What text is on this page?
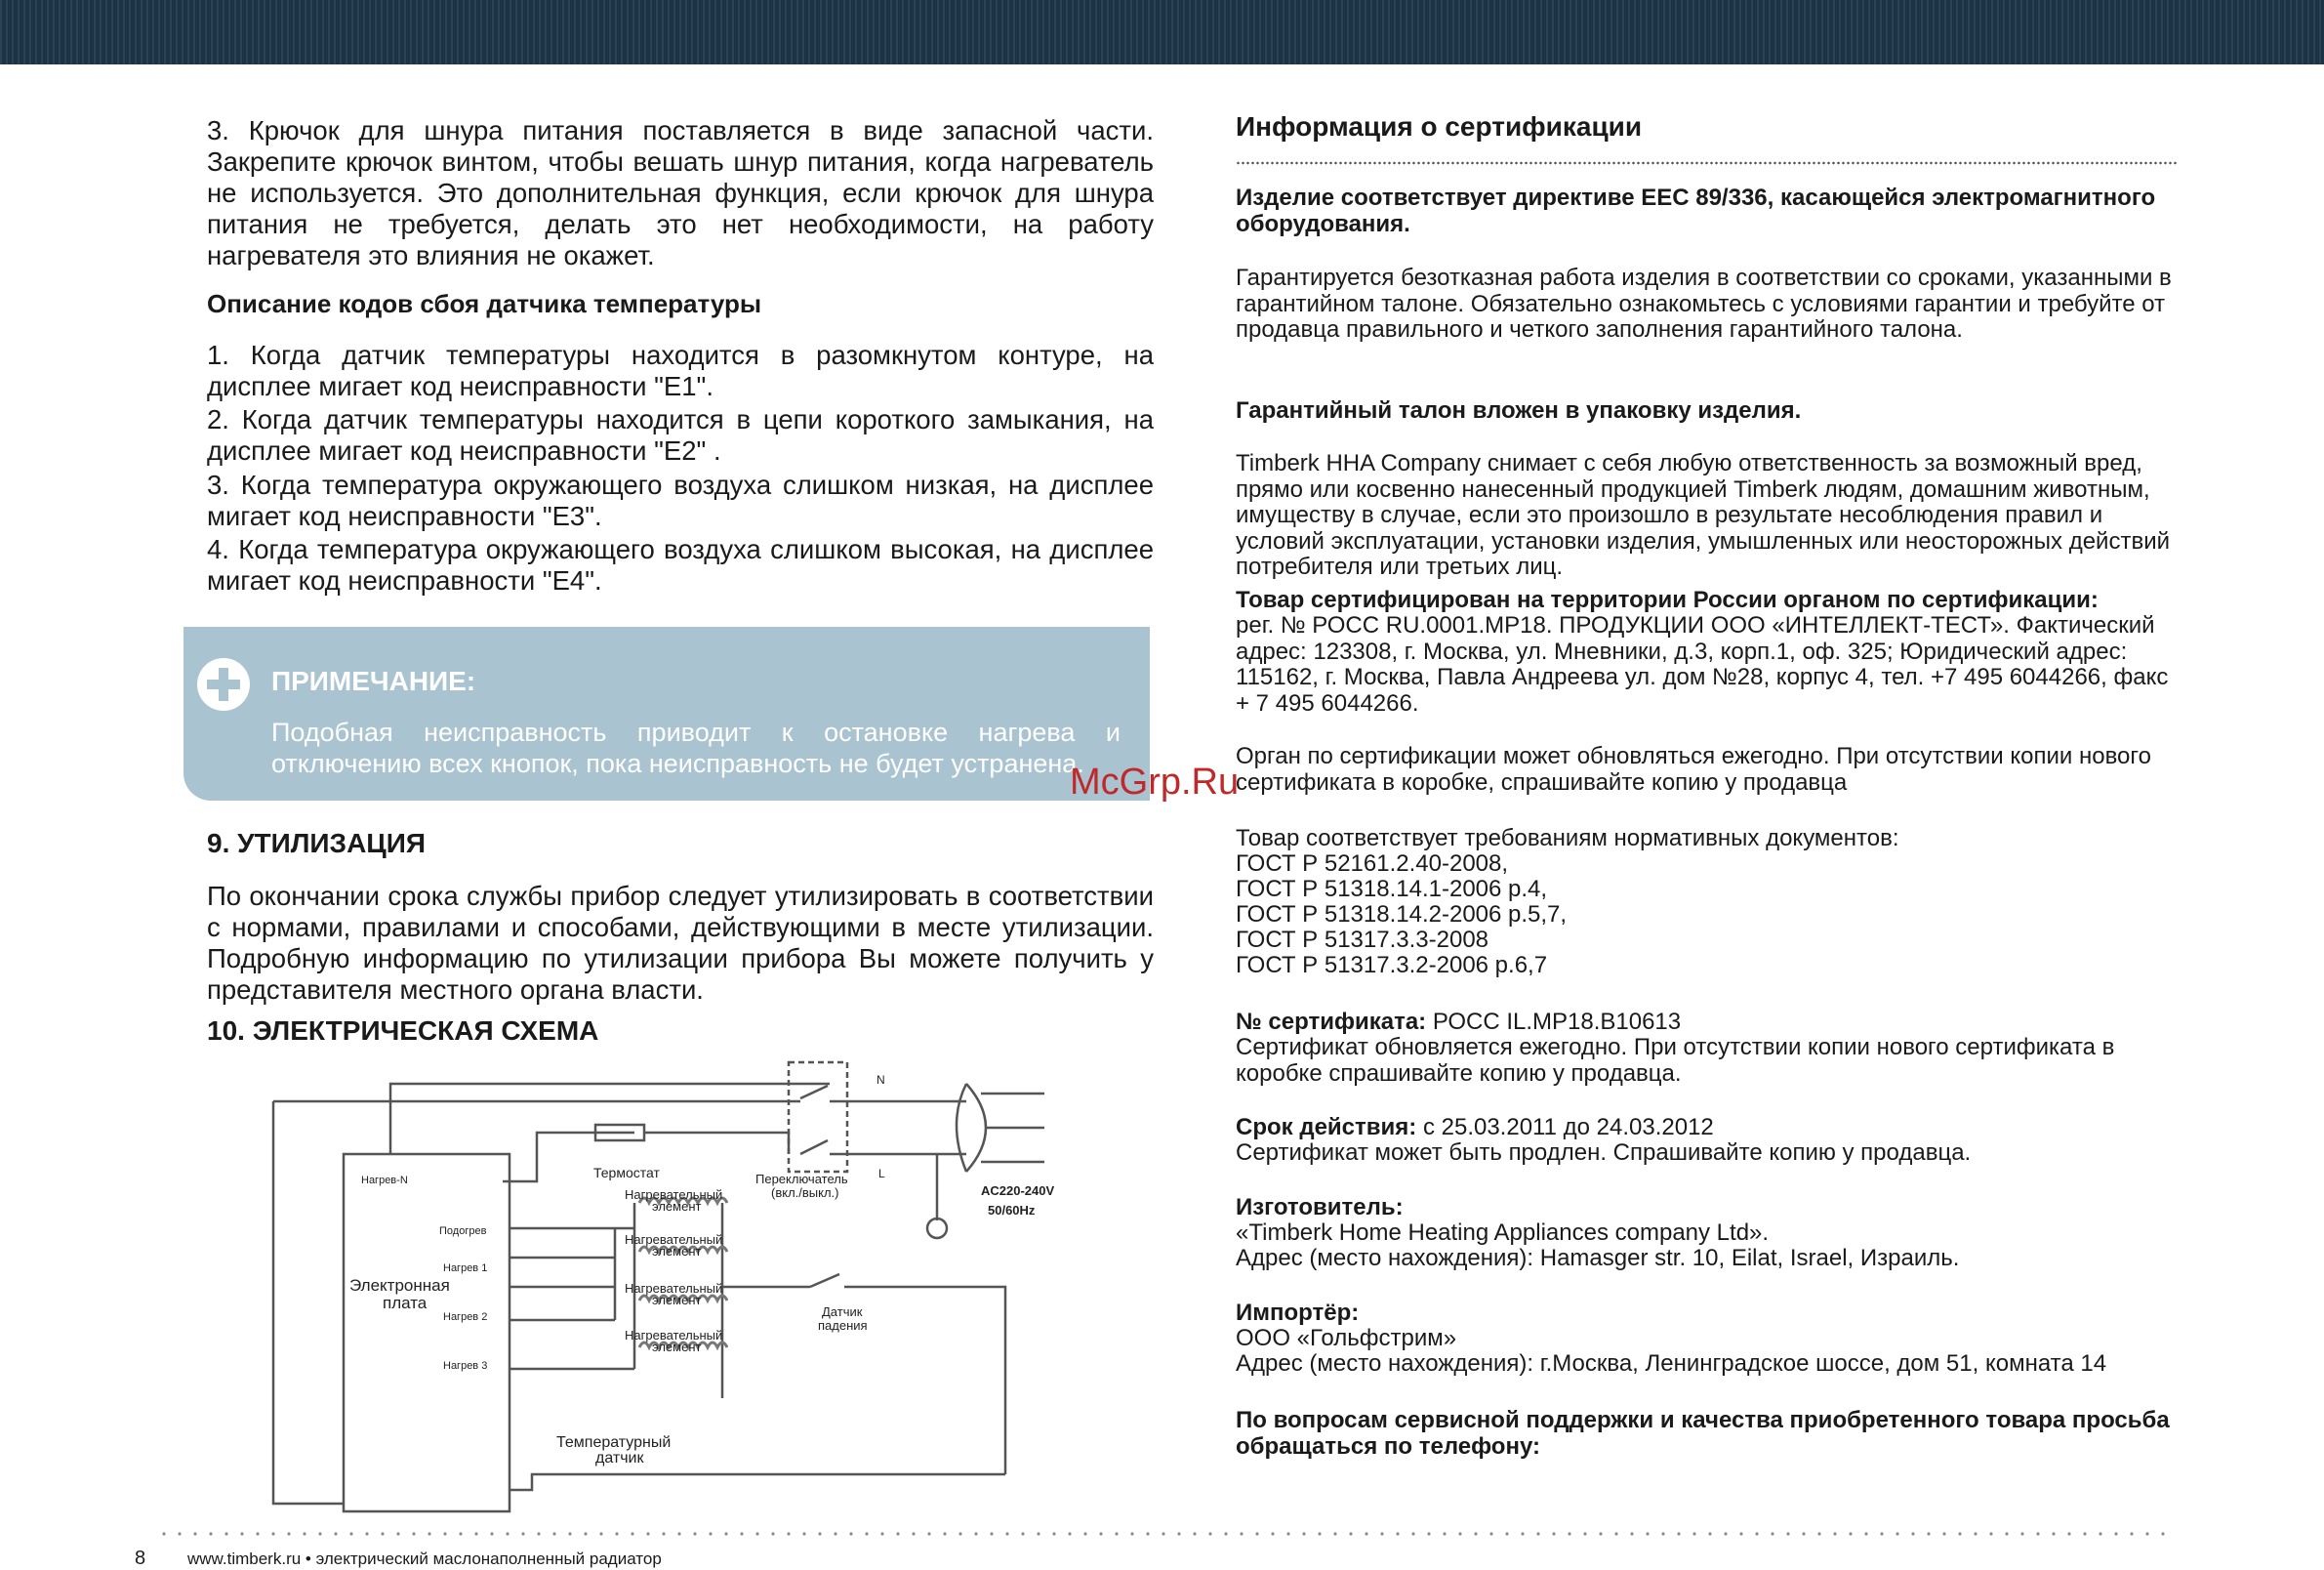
3. Крючок для шнура питания поставляется в виде запасной части. Закрепите крючок винтом, чтобы вешать шнур питания, когда нагреватель не используется. Это дополнительная функция, если крючок для шнура питания не требуется, делать это нет необходимости, на работу нагревателя это влияния не окажет.

Описание кодов сбоя датчика температуры

1. Когда датчик температуры находится в разомкнутом контуре, на дисплее мигает код неисправности "E1".

2. Когда датчик температуры находится в цепи короткого замыкания, на дисплее мигает код неисправности "E2" .

3. Когда температура окружающего воздуха слишком низкая, на дисплее мигает код неисправности "E3".

4. Когда температура окружающего воздуха слишком высокая, на дисплее мигает код неисправности "E4".

ПРИМЕЧАНИЕ:
Подобная неисправность приводит к остановке нагрева и отключению всех кнопок, пока неисправность не будет устранена.
9. УТИЛИЗАЦИЯ

По окончании срока службы прибор следует утилизировать в соответствии с нормами, правилами и способами, действующими в месте утилизации. Подробную информацию по утилизации прибора Вы можете получить у представителя местного органа власти.

10. ЭЛЕКТРИЧЕСКАЯ СХЕМА
Нагрев-N
Подогрев
Нагрев 1
Нагрев 2
Нагрев 3
Электронная
плата
Термостат	Переключатель
(вкл./выкл.)
Нагревательный
элемент
Нагревательный
элемент
Нагревательный
элемент
Нагревательный
элемент
Датчик
падения
Температурный
датчик
AC220-240V
50/60Hz
N
L
Информация о сертификации

Изделие соответствует директиве EEC 89/336, касающейся электромагнитного оборудования.

Гарантируется безотказная работа изделия в соответствии со сроками, указанными в гарантийном талоне. Обязательно ознакомьтесь с условиями гарантии и требуйте от продавца правильного и четкого заполнения гарантийного талона.

Гарантийный талон вложен в упаковку изделия.

Timberk HHA Company снимает с себя любую ответственность за возможный вред, прямо или косвенно нанесенный продукцией Timberk людям, домашним животным, имуществу в случае, если это произошло в результате несоблюдения правил и условий эксплуатации, установки изделия, умышленных или неосторожных действий потребителя или третьих лиц.

Товар сертифицирован на территории России органом по сертификации:

рег. № РОСС RU.0001.МР18. ПРОДУКЦИИ ООО «ИНТЕЛЛЕКТ-ТЕСТ». Фактический адрес: 123308, г. Москва, ул. Мневники, д.3, корп.1, оф. 325; Юридический адрес: 115162, г. Москва, Павла Андреева ул. дом №28, корпус 4, тел. +7 495 6044266, факс + 7 495 6044266.

Орган по сертификации может обновляться ежегодно. При отсутствии копии нового сертификата в коробке, спрашивайте копию у продавца

Товар соответствует требованиям нормативных документов:

ГОСТ Р 52161.2.40-2008,

ГОСТ Р 51318.14.1-2006 р.4,

ГОСТ Р 51318.14.2-2006 р.5,7,

ГОСТ Р 51317.3.3-2008

ГОСТ Р 51317.3.2-2006 р.6,7

№ сертификата: РОСС IL.МР18.В10613

Сертификат обновляется ежегодно. При отсутствии копии нового сертификата в коробке спрашивайте копию у продавца.

Срок действия: с 25.03.2011 до 24.03.2012

Сертификат может быть продлен. Спрашивайте копию у продавца.

Изготовитель:

«Timberk Home Heating Appliances company Ltd».

Адрес (место нахождения): Hamasger str. 10, Eilat, Israel, Израиль.

Импортёр:

ООО «Гольфстрим»

Адрес (место нахождения): г.Москва, Ленинградское шоссе, дом 51, комната 14

По вопросам сервисной поддержки и качества приобретенного товара просьба обращаться по телефону:

McGrp.Ru
8	www.timberk.ru • электрический маслонаполненный радиатор
